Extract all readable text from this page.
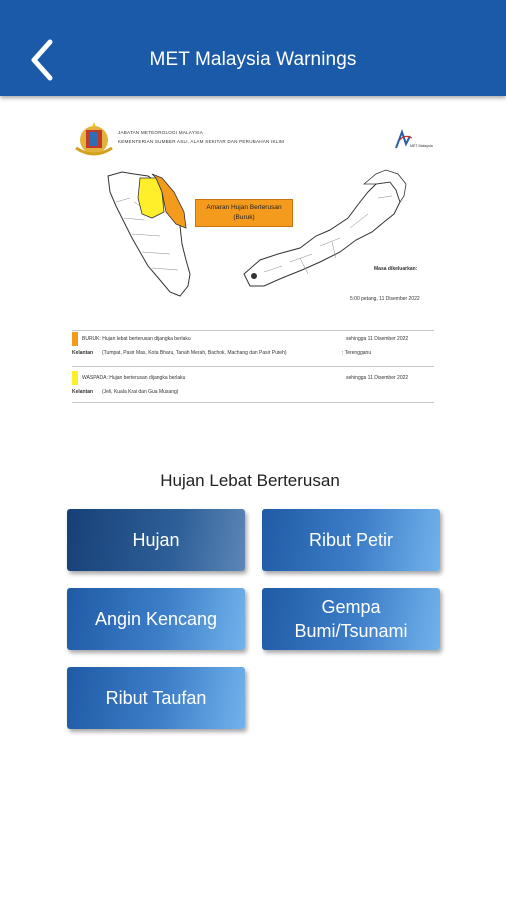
MET Malaysia Warnings
JABATAN METEOROLOGI MALAYSIA
KEMENTERIAN SUMBER ASLI, ALAM SEKITAR DAN PERUBAHAN IKLIM
MET Malaysia
Amaran Hujan Berterusan
(Buruk)
Masa dikeluarkan:
5:00 petang, 11 Disember 2022
BURUK: Hujan lebat berterusan dijangka berlaku	sehingga 11 Disember 2022
Kelantan (Tumpat, Pasir Mas, Kota Bharu, Tanah Merah, Bachok, Machang dan Pasir Puteh)	; Terengganu
WASPADA: Hujan berterusan dijangka berlaku	sehingga 11 Disember 2022
Kelantan (Jeli, Kuala Krai dan Gua Musang)
Hujan Lebat Berterusan
Hujan	Ribut Petir
Angin Kencang
Gempa Bumi/Tsunami
Ribut Taufan
